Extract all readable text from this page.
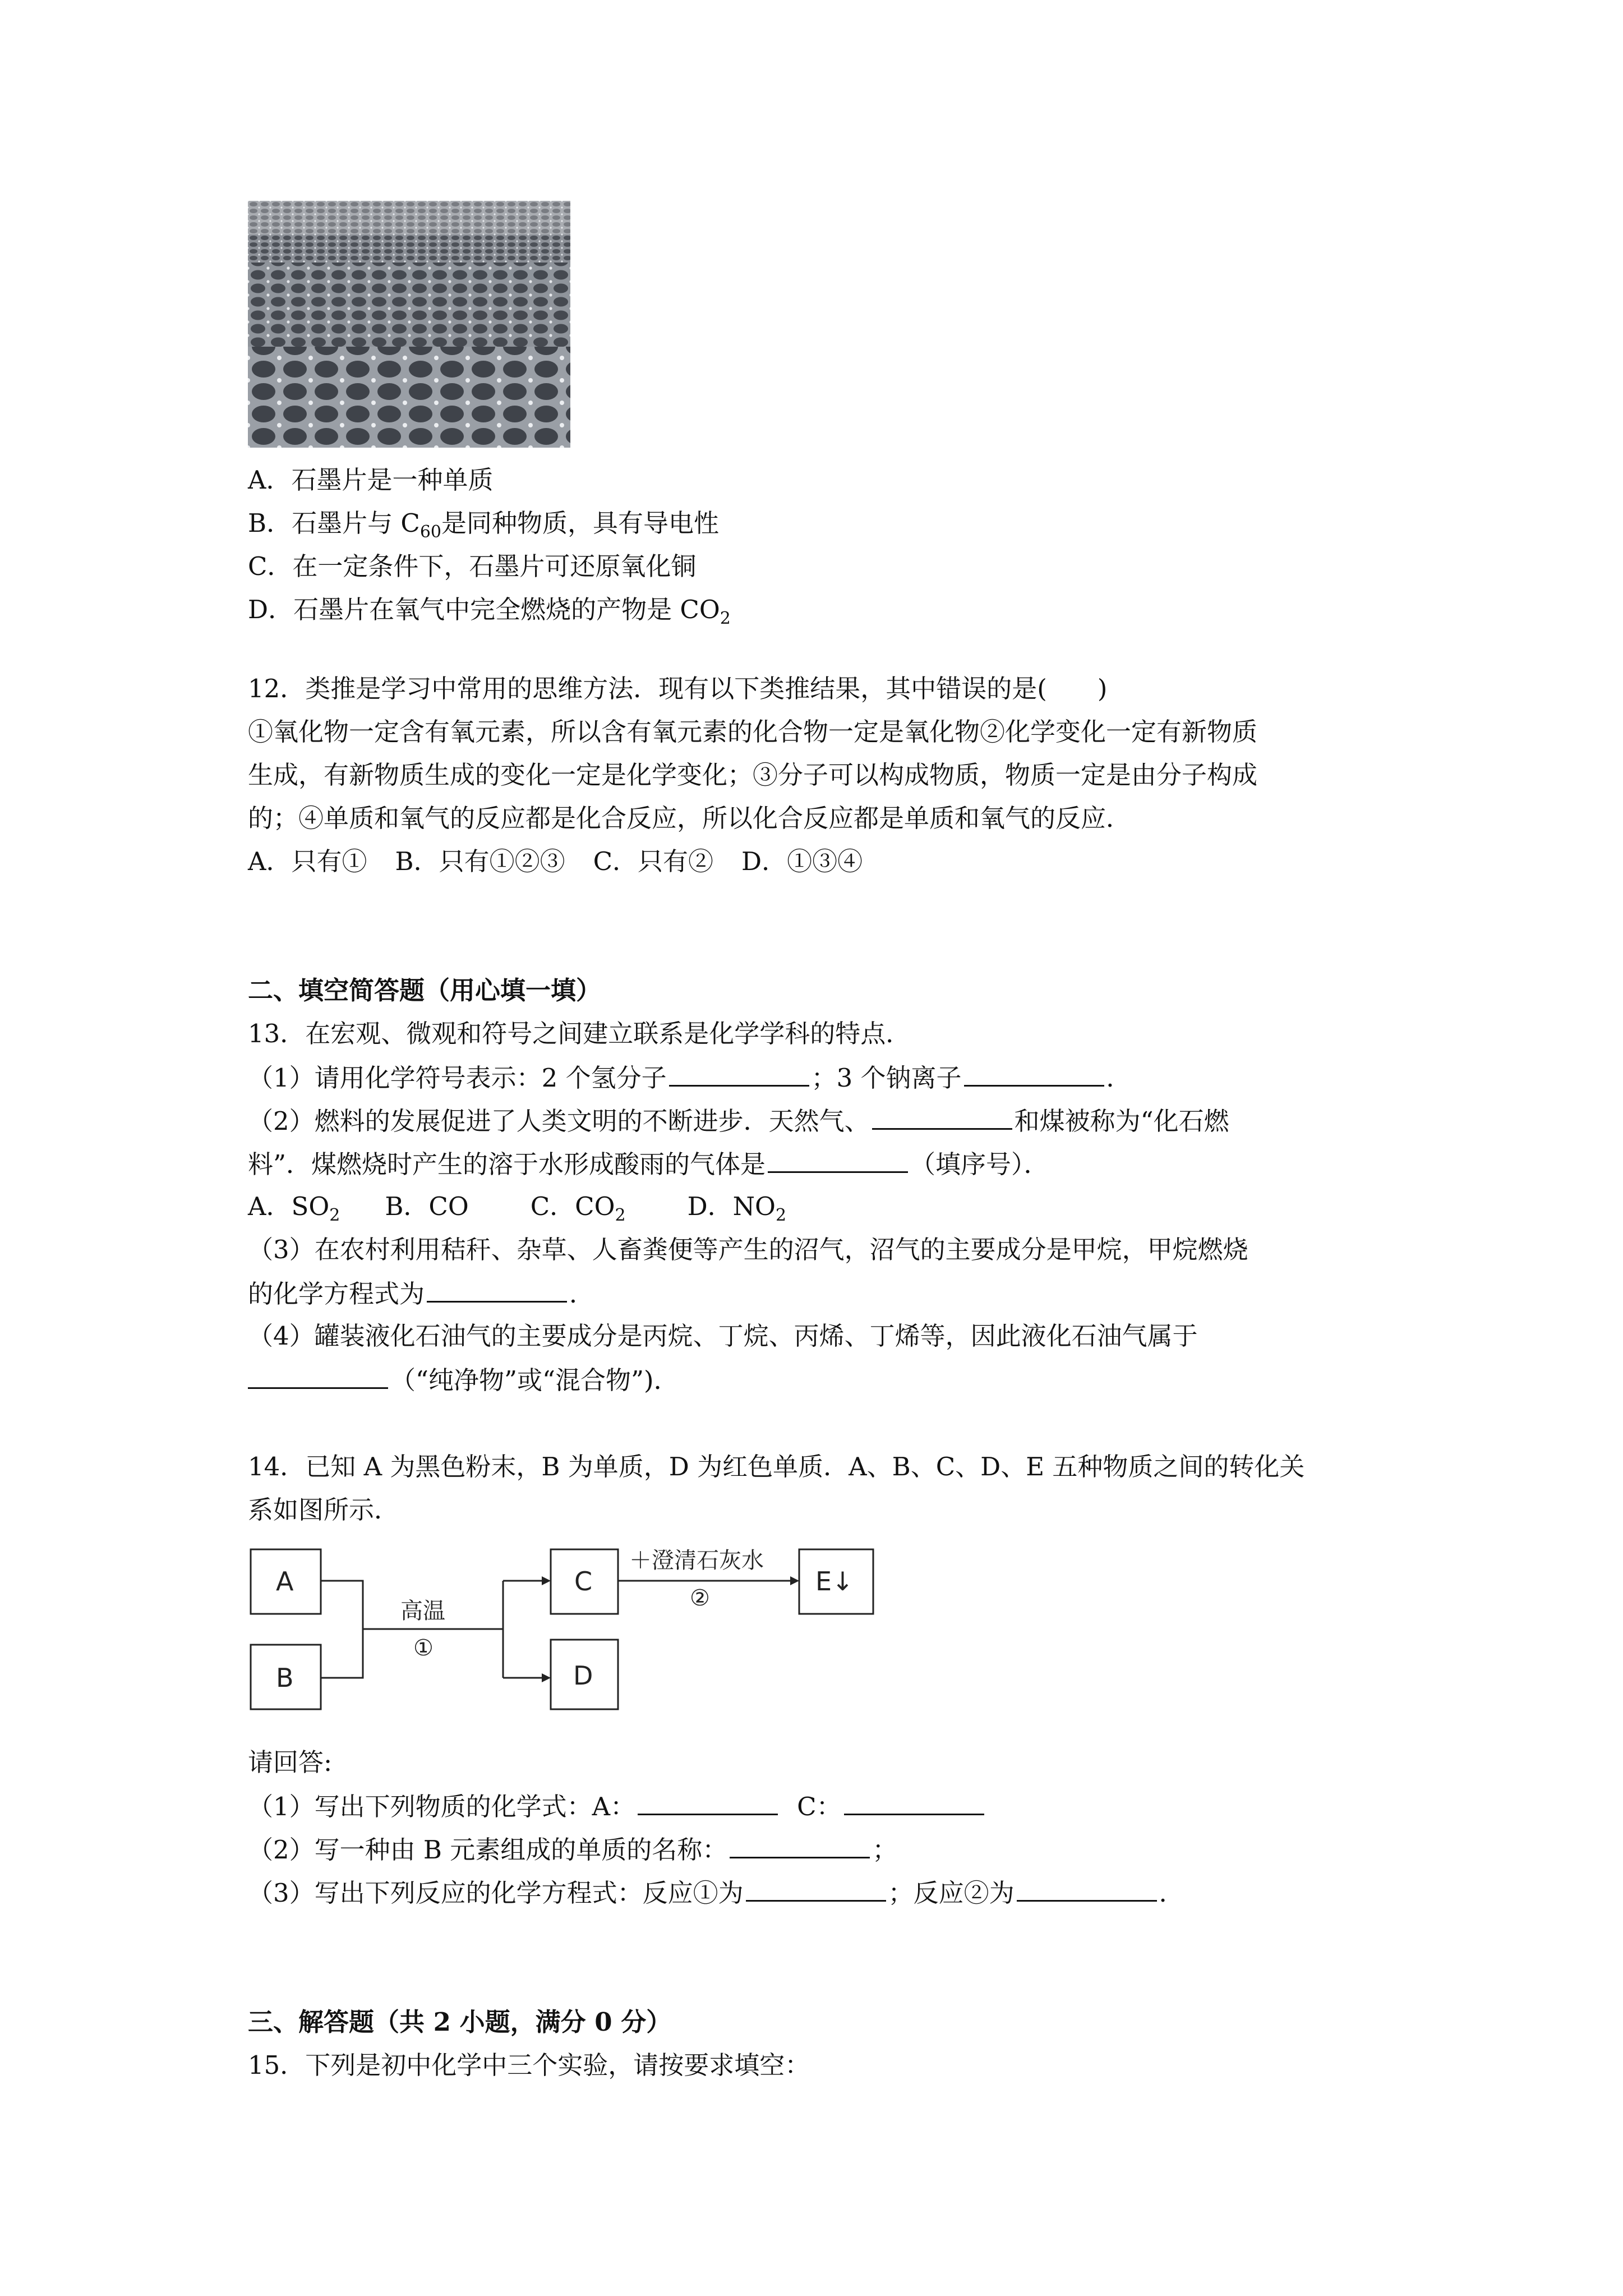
A．石墨片是一种单质
B．石墨片与 $C_{60}$是同种物质，具有导电性
C．在一定条件下，石墨片可还原氧化铜
D．石墨片在氧气中完全燃烧的产物是 $CO_2$
12．类推是学习中常用的思维方法．现有以下类推结果，其中错误的是(　　)
①氧化物一定含有氧元素，所以含有氧元素的化合物一定是氧化物②化学变化一定有新物质
生成，有新物质生成的变化一定是化学变化；③分子可以构成物质，物质一定是由分子构成
的；④单质和氧气的反应都是化合反应，所以化合反应都是单质和氧气的反应．
A．只有① B．只有①②③ C．只有② D．①③④
二、填空简答题（用心填一填）
13．在宏观、微观和符号之间建立联系是化学学科的特点．
（1）请用化学符号表示：2 个氢分子	；3 个钠离子	．
（2）燃料的发展促进了人类文明的不断进步．天然气、	和煤被称为“化石燃
料”．煤燃烧时产生的溶于水形成酸雨的气体是	（填序号）．
A．$SO_2$ B．CO C．$CO_2$ D．$NO_2$
（3）在农村利用秸秆、杂草、人畜粪便等产生的沼气，沼气的主要成分是甲烷，甲烷燃烧
的化学方程式为	．
（4）罐装液化石油气的主要成分是丙烷、丁烷、丙烯、丁烯等，因此液化石油气属于
（“纯净物”或“混合物”)．
14．已知 A 为黑色粉末，B 为单质，D 为红色单质．A、B、C、D、E 五种物质之间的转化关
系如图所示．
A
B
C
D
E↓
高温
①
＋澄清石灰水
②
请回答:
（1）写出下列物质的化学式：A：	C：
（2）写一种由 B 元素组成的单质的名称：	；
（3）写出下列反应的化学方程式：反应①为	；反应②为	．
三、解答题（共 2 小题，满分 0 分）
15．下列是初中化学中三个实验，请按要求填空：
